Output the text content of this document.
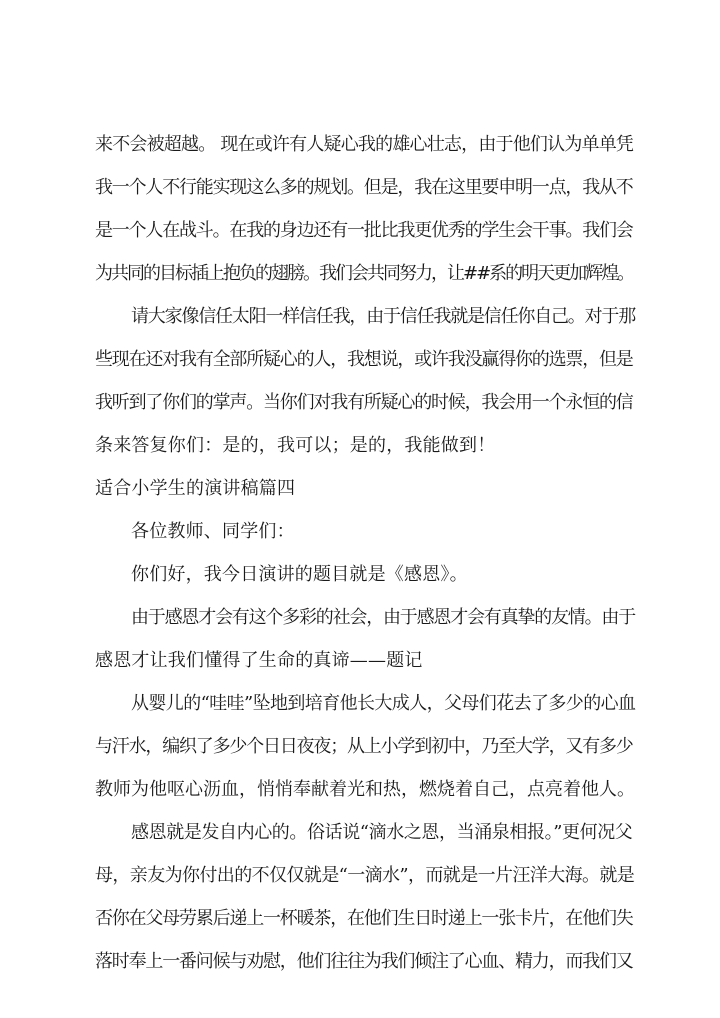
来不会被超越。 现在或许有人疑心我的雄心壮志，由于他们认为单单凭
我一个人不行能实现这么多的规划。但是，我在这里要申明一点，我从不
是一个人在战斗。在我的身边还有一批比我更优秀的学生会干事。我们会
为共同的目标插上抱负的翅膀。我们会共同努力，让##系的明天更加辉煌。
请大家像信任太阳一样信任我，由于信任我就是信任你自己。对于那
些现在还对我有全部所疑心的人，我想说，或许我没赢得你的选票，但是
我听到了你们的掌声。当你们对我有所疑心的时候，我会用一个永恒的信
条来答复你们：是的，我可以；是的，我能做到！
适合小学生的演讲稿篇四
各位教师、同学们：
你们好，我今日演讲的题目就是《感恩》。
由于感恩才会有这个多彩的社会，由于感恩才会有真挚的友情。由于
感恩才让我们懂得了生命的真谛——题记
从婴儿的“哇哇”坠地到培育他长大成人，父母们花去了多少的心血
与汗水，编织了多少个日日夜夜；从上小学到初中，乃至大学，又有多少
教师为他呕心沥血，悄悄奉献着光和热，燃烧着自己，点亮着他人。
感恩就是发自内心的。俗话说“滴水之恩，当涌泉相报。”更何况父
母，亲友为你付出的不仅仅就是“一滴水”，而就是一片汪洋大海。就是
否你在父母劳累后递上一杯暖茶，在他们生日时递上一张卡片，在他们失
落时奉上一番问候与劝慰，他们往往为我们倾注了心血、精力，而我们又
